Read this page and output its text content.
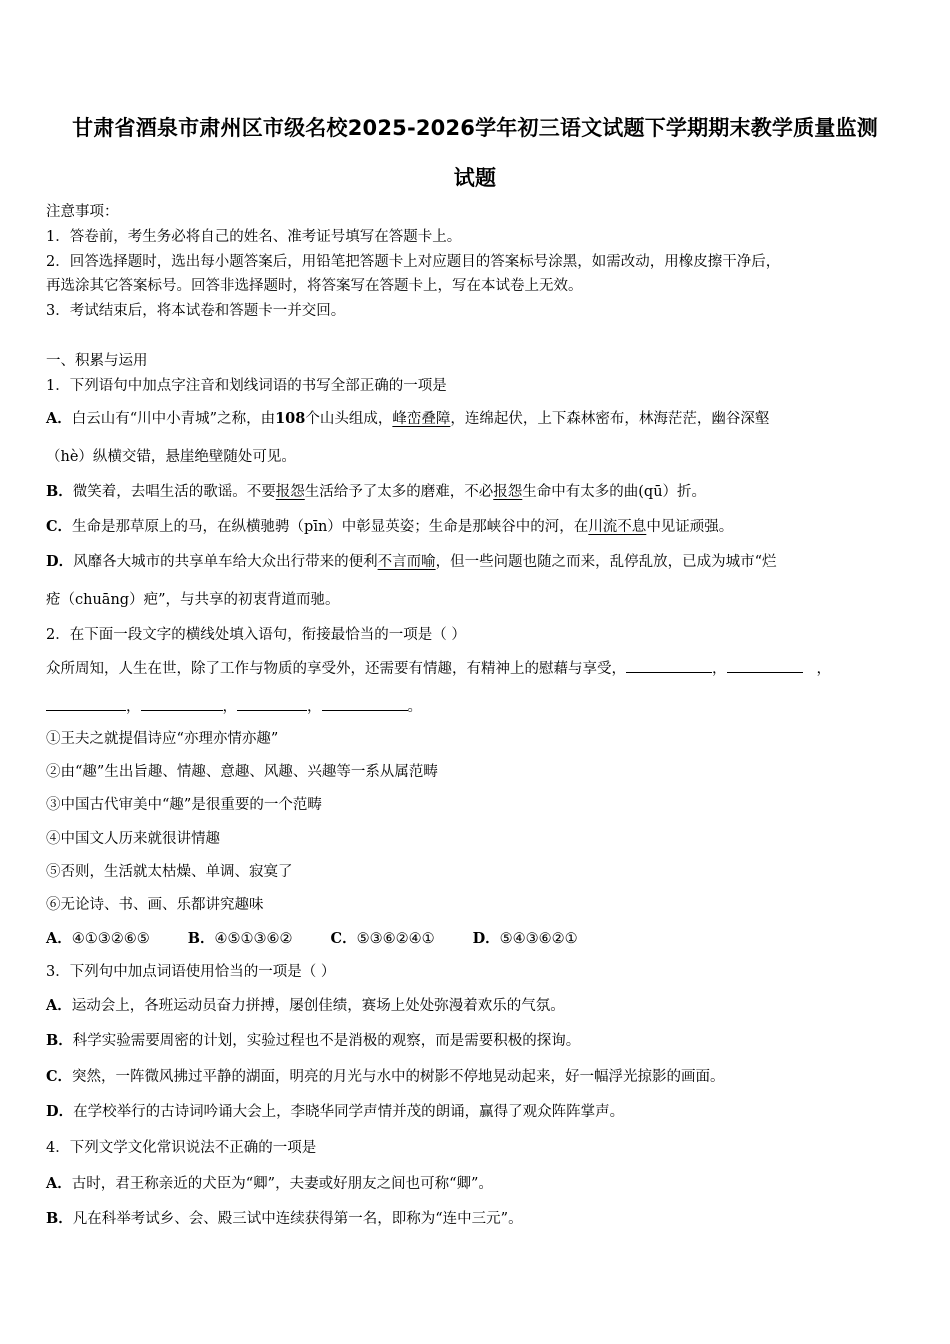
甘肃省酒泉市肃州区市级名校2025-2026学年初三语文试题下学期期末教学质量监测
试题
注意事项：
1．答卷前，考生务必将自己的姓名、准考证号填写在答题卡上。
2．回答选择题时，选出每小题答案后，用铅笔把答题卡上对应题目的答案标号涂黑，如需改动，用橡皮擦干净后，
再选涂其它答案标号。回答非选择题时，将答案写在答题卡上，写在本试卷上无效。
3．考试结束后，将本试卷和答题卡一并交回。
一、积累与运用
1．下列语句中加点字注音和划线词语的书写全部正确的一项是
A．白云山有“川中小青城”之称，由108个山头组成，峰峦叠障，连绵起伏，上下森林密布，林海茫茫，幽谷深壑
（hè）纵横交错，悬崖绝壁随处可见。
B．微笑着，去唱生活的歌谣。不要报怨生活给予了太多的磨难，不必报怨生命中有太多的曲(qū）折。
C．生命是那草原上的马，在纵横驰骋（pīn）中彰显英姿；生命是那峡谷中的河，在川流不息中见证顽强。
D．风靡各大城市的共享单车给大众出行带来的便利不言而喻，但一些问题也随之而来，乱停乱放，已成为城市“烂
疮（chuāng）疤”，与共享的初衷背道而驰。
2．在下面一段文字的横线处填入语句，衔接最恰当的一项是（ ）
众所周知，人生在世，除了工作与物质的享受外，还需要有情趣，有精神上的慰藉与享受，	，	，
，	，	，	。
①王夫之就提倡诗应“亦理亦情亦趣”
②由“趣”生出旨趣、情趣、意趣、风趣、兴趣等一系从属范畴
③中国古代审美中“趣”是很重要的一个范畴
④中国文人历来就很讲情趣
⑤否则，生活就太枯燥、单调、寂寞了
⑥无论诗、书、画、乐都讲究趣味
A．④①③②⑥⑤	B．④⑤①③⑥②	C．⑤③⑥②④①	D．⑤④③⑥②①
3．下列句中加点词语使用恰当的一项是（ ）
A．运动会上，各班运动员奋力拼搏，屡创佳绩，赛场上处处弥漫着欢乐的气氛。
B．科学实验需要周密的计划，实验过程也不是消极的观察，而是需要积极的探询。
C．突然，一阵微风拂过平静的湖面，明亮的月光与水中的树影不停地晃动起来，好一幅浮光掠影的画面。
D．在学校举行的古诗词吟诵大会上，李晓华同学声情并茂的朗诵，赢得了观众阵阵掌声。
4．下列文学文化常识说法不正确的一项是
A．古时，君王称亲近的犬臣为“卿”，夫妻或好朋友之间也可称“卿”。
B．凡在科举考试乡、会、殿三试中连续获得第一名，即称为“连中三元”。
